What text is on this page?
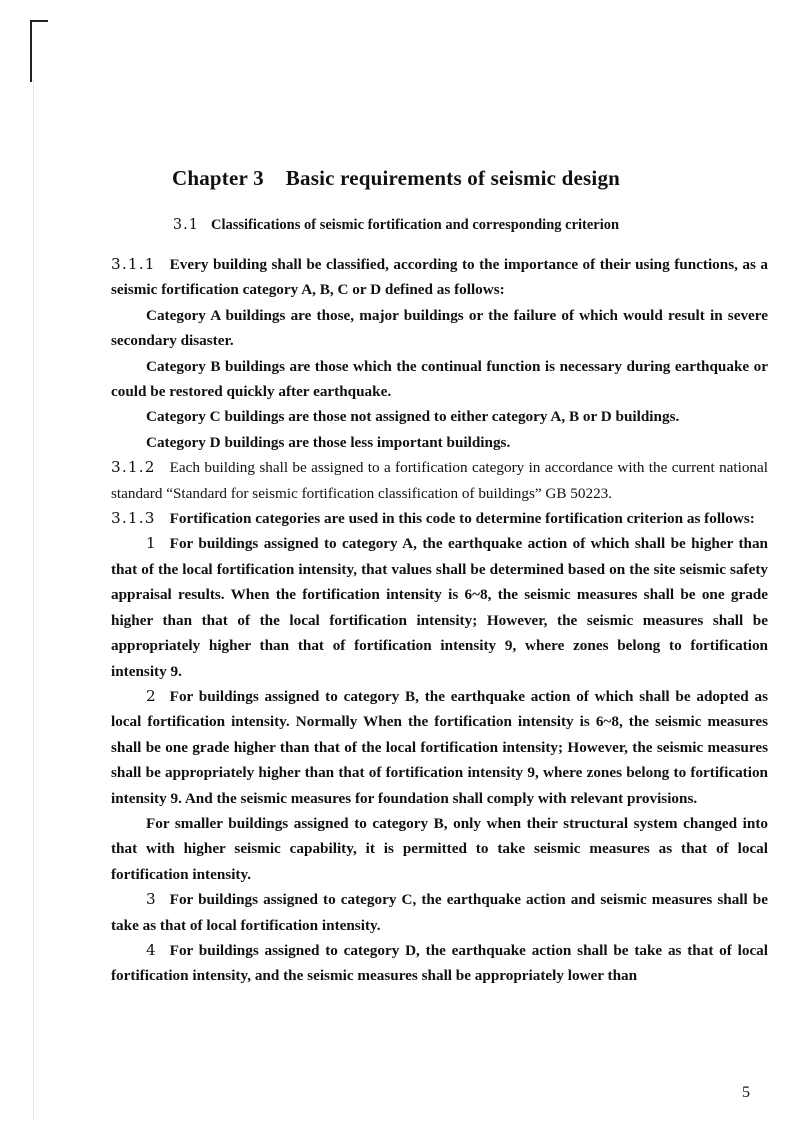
Chapter 3 Basic requirements of seismic design
3.1 Classifications of seismic fortification and corresponding criterion

3.1.1 Every building shall be classified, according to the importance of their using functions, as a seismic fortification category A, B, C or D defined as follows:

Category A buildings are those, major buildings or the failure of which would result in severe secondary disaster.

Category B buildings are those which the continual function is necessary during earthquake or could be restored quickly after earthquake.

Category C buildings are those not assigned to either category A, B or D buildings.

Category D buildings are those less important buildings.

3.1.2 Each building shall be assigned to a fortification category in accordance with the current national standard “Standard for seismic fortification classification of buildings” GB 50223.

3.1.3 Fortification categories are used in this code to determine fortification criterion as follows:

1 For buildings assigned to category A, the earthquake action of which shall be higher than that of the local fortification intensity, that values shall be determined based on the site seismic safety appraisal results. When the fortification intensity is 6~8, the seismic measures shall be one grade higher than that of the local fortification intensity; However, the seismic measures shall be appropriately higher than that of fortification intensity 9, where zones belong to fortification intensity 9.

2 For buildings assigned to category B, the earthquake action of which shall be adopted as local fortification intensity. Normally When the fortification intensity is 6~8, the seismic measures shall be one grade higher than that of the local fortification intensity; However, the seismic measures shall be appropriately higher than that of fortification intensity 9, where zones belong to fortification intensity 9. And the seismic measures for foundation shall comply with relevant provisions.

For smaller buildings assigned to category B, only when their structural system changed into that with higher seismic capability, it is permitted to take seismic measures as that of local fortification intensity.

3 For buildings assigned to category C, the earthquake action and seismic measures shall be take as that of local fortification intensity.

4 For buildings assigned to category D, the earthquake action shall be take as that of local fortification intensity, and the seismic measures shall be appropriately lower than

5
